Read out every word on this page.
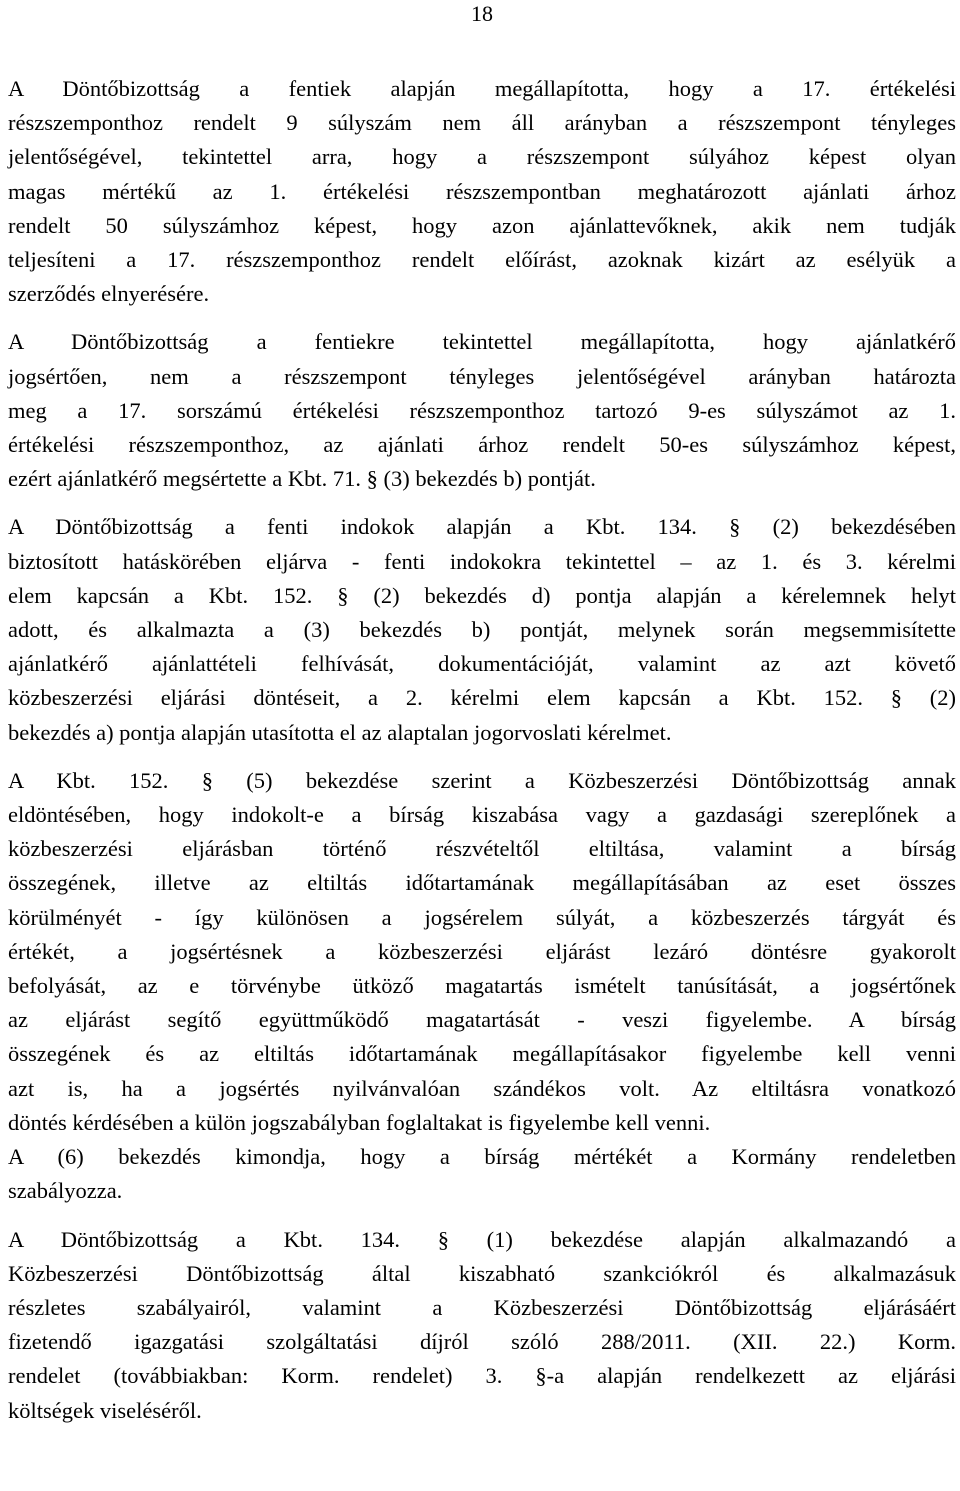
18
A Döntőbizottság a fentiek alapján megállapította, hogy a 17. értékelési
részszemponthoz rendelt 9 súlyszám nem áll arányban a részszempont tényleges
jelentőségével, tekintettel arra, hogy a részszempont súlyához képest olyan
magas mértékű az 1. értékelési részszempontban meghatározott ajánlati árhoz
rendelt 50 súlyszámhoz képest, hogy azon ajánlattevőknek, akik nem tudják
teljesíteni a 17. részszemponthoz rendelt előírást, azoknak kizárt az esélyük a
szerződés elnyerésére.
A Döntőbizottság a fentiekre tekintettel megállapította, hogy ajánlatkérő
jogsértően, nem a részszempont tényleges jelentőségével arányban határozta
meg a 17. sorszámú értékelési részszemponthoz tartozó 9-es súlyszámot az 1.
értékelési részszemponthoz, az ajánlati árhoz rendelt 50-es súlyszámhoz képest,
ezért ajánlatkérő megsértette a Kbt. 71. § (3) bekezdés b) pontját.
A Döntőbizottság a fenti indokok alapján a Kbt. 134. § (2) bekezdésében
biztosított hatáskörében eljárva - fenti indokokra tekintettel – az 1. és 3. kérelmi
elem kapcsán a Kbt. 152. § (2) bekezdés d) pontja alapján a kérelemnek helyt
adott, és alkalmazta a (3) bekezdés b) pontját, melynek során megsemmisítette
ajánlatkérő ajánlattételi felhívását, dokumentációját, valamint az azt követő
közbeszerzési eljárási döntéseit, a 2. kérelmi elem kapcsán a Kbt. 152. § (2)
bekezdés a) pontja alapján utasította el az alaptalan jogorvoslati kérelmet.
A Kbt. 152. § (5) bekezdése szerint a Közbeszerzési Döntőbizottság annak
eldöntésében, hogy indokolt-e a bírság kiszabása vagy a gazdasági szereplőnek a
közbeszerzési eljárásban történő részvételtől eltiltása, valamint a bírság
összegének, illetve az eltiltás időtartamának megállapításában az eset összes
körülményét - így különösen a jogsérelem súlyát, a közbeszerzés tárgyát és
értékét, a jogsértésnek a közbeszerzési eljárást lezáró döntésre gyakorolt
befolyását, az e törvénybe ütköző magatartás ismételt tanúsítását, a jogsértőnek
az eljárást segítő együttműködő magatartását - veszi figyelembe. A bírság
összegének és az eltiltás időtartamának megállapításakor figyelembe kell venni
azt is, ha a jogsértés nyilvánvalóan szándékos volt. Az eltiltásra vonatkozó
döntés kérdésében a külön jogszabályban foglaltakat is figyelembe kell venni.
A (6) bekezdés kimondja, hogy a bírság mértékét a Kormány rendeletben
szabályozza.
A Döntőbizottság a Kbt. 134. § (1) bekezdése alapján alkalmazandó a
Közbeszerzési Döntőbizottság által kiszabható szankciókról és alkalmazásuk
részletes szabályairól, valamint a Közbeszerzési Döntőbizottság eljárásáért
fizetendő igazgatási szolgáltatási díjról szóló 288/2011. (XII. 22.) Korm.
rendelet (továbbiakban: Korm. rendelet) 3. §-a alapján rendelkezett az eljárási
költségek viseléséről.
